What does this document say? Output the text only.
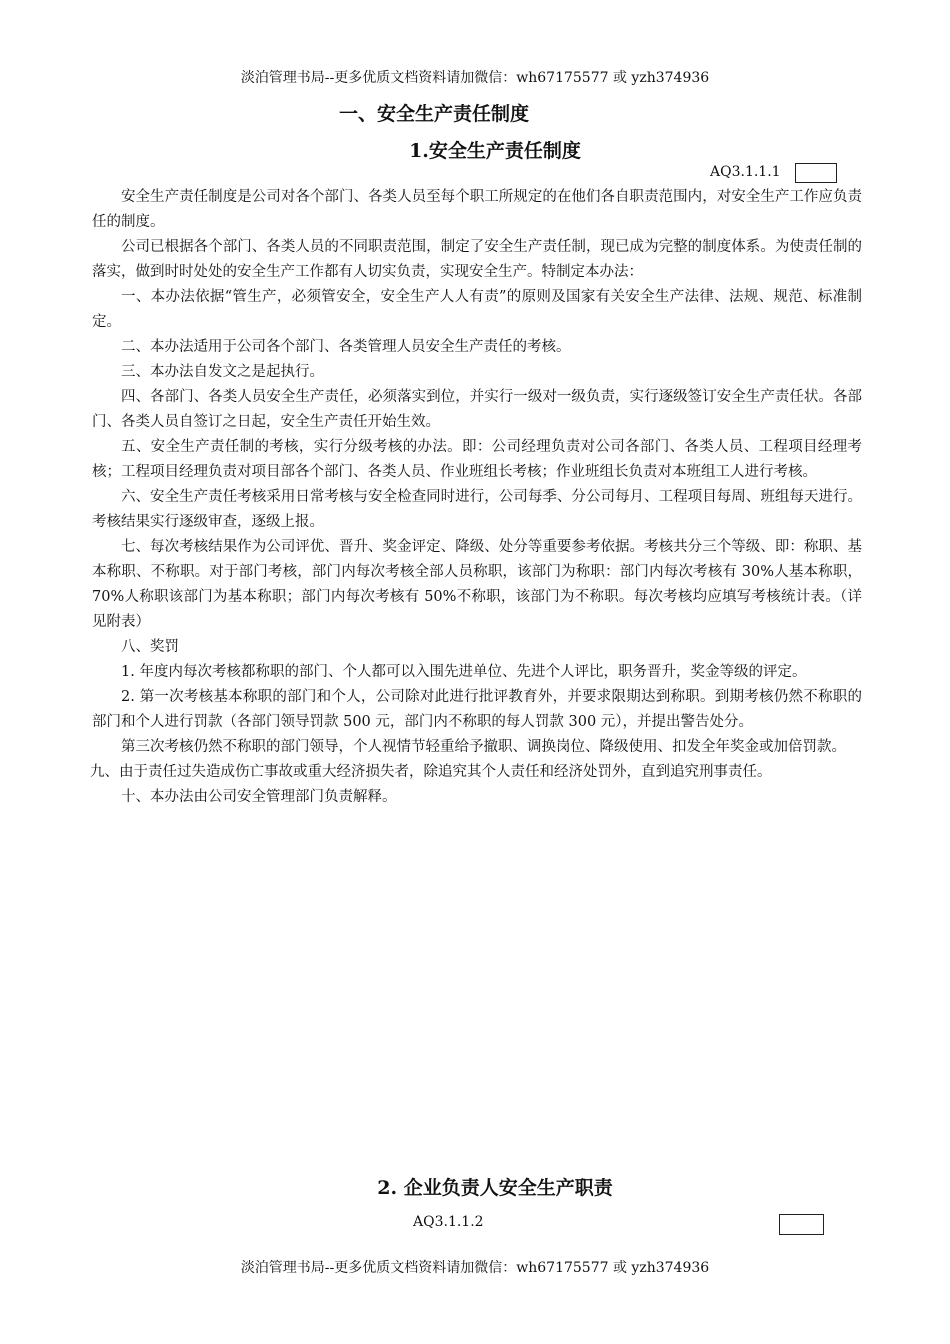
淡泊管理书局--更多优质文档资料请加微信：wh67175577 或 yzh374936
一、安全生产责任制度
1.安全生产责任制度
AQ3.1.1.1

安全生产责任制度是公司对各个部门、各类人员至每个职工所规定的在他们各自职责范围内，对安全生产工作应负责任的制度。

公司已根据各个部门、各类人员的不同职责范围，制定了安全生产责任制，现已成为完整的制度体系。为使责任制的落实，做到时时处处的安全生产工作都有人切实负责，实现安全生产。特制定本办法：

一、本办法依据“管生产，必须管安全，安全生产人人有责”的原则及国家有关安全生产法律、法规、规范、标准制定。

二、本办法适用于公司各个部门、各类管理人员安全生产责任的考核。

三、本办法自发文之是起执行。

四、各部门、各类人员安全生产责任，必须落实到位，并实行一级对一级负责，实行逐级签订安全生产责任状。各部门、各类人员自签订之日起，安全生产责任开始生效。

五、安全生产责任制的考核，实行分级考核的办法。即：公司经理负责对公司各部门、各类人员、工程项目经理考核；工程项目经理负责对项目部各个部门、各类人员、作业班组长考核；作业班组长负责对本班组工人进行考核。

六、安全生产责任考核采用日常考核与安全检查同时进行，公司每季、分公司每月、工程项目每周、班组每天进行。考核结果实行逐级审查，逐级上报。

七、每次考核结果作为公司评优、晋升、奖金评定、降级、处分等重要参考依据。考核共分三个等级、即：称职、基本称职、不称职。对于部门考核，部门内每次考核全部人员称职，该部门为称职：部门内每次考核有 30%人基本称职，70%人称职该部门为基本称职；部门内每次考核有 50%不称职，该部门为不称职。每次考核均应填写考核统计表。（详见附表）

八、奖罚

1. 年度内每次考核都称职的部门、个人都可以入围先进单位、先进个人评比，职务晋升，奖金等级的评定。

2. 第一次考核基本称职的部门和个人，公司除对此进行批评教育外，并要求限期达到称职。到期考核仍然不称职的部门和个人进行罚款（各部门领导罚款 500 元，部门内不称职的每人罚款 300 元），并提出警告处分。

第三次考核仍然不称职的部门领导，个人视情节轻重给予撤职、调换岗位、降级使用、扣发全年奖金或加倍罚款。

九、由于责任过失造成伤亡事故或重大经济损失者，除追究其个人责任和经济处罚外，直到追究刑事责任。

十、本办法由公司安全管理部门负责解释。

2. 企业负责人安全生产职责
AQ3.1.1.2
淡泊管理书局--更多优质文档资料请加微信：wh67175577 或 yzh374936
